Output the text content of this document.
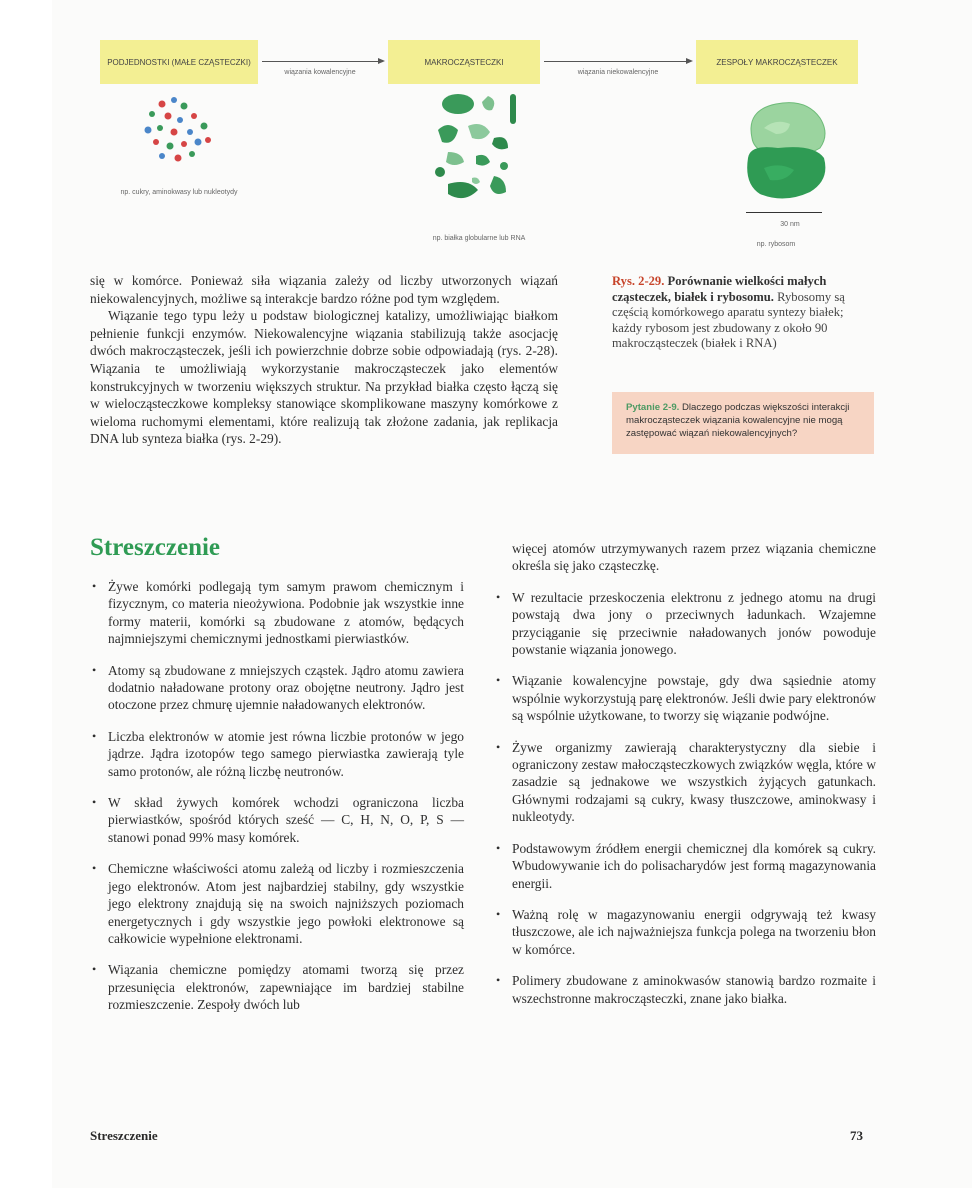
PODJEDNOSTKI (MAŁE CZĄSTECZKI)
wiązania kowalencyjne
MAKROCZĄSTECZKI
wiązania niekowalencyjne
ZESPOŁY MAKROCZĄSTECZEK
np. cukry, aminokwasy lub nukleotydy
np. białka globularne lub RNA
30 nm
np. rybosom

się w komórce. Ponieważ siła wiązania zależy od liczby utworzonych wiązań niekowalencyjnych, możliwe są interakcje bardzo różne pod tym względem.

Wiązanie tego typu leży u podstaw biologicznej katalizy, umożliwiając białkom pełnienie funkcji enzymów. Niekowalencyjne wiązania stabilizują także asocjację dwóch makrocząsteczek, jeśli ich powierzchnie dobrze sobie odpowiadają (rys. 2-28). Wiązania te umożliwiają wykorzystanie makrocząsteczek jako elementów konstrukcyjnych w tworzeniu większych struktur. Na przykład białka często łączą się w wielocząsteczkowe kompleksy stanowiące skomplikowane maszyny komórkowe z wieloma ruchomymi elementami, które realizują tak złożone zadania, jak replikacja DNA lub synteza białka (rys. 2-29).

Rys. 2-29. Porównanie wielkości małych cząsteczek, białek i rybosomu. Rybosomy są częścią komórkowego aparatu syntezy białek; każdy rybosom jest zbudowany z około 90 makrocząsteczek (białek i RNA)
Pytanie 2-9. Dlaczego podczas większości interakcji makrocząsteczek wiązania kowalencyjne nie mogą zastępować wiązań niekowalencyjnych?
Streszczenie
• Żywe komórki podlegają tym samym prawom chemicznym i fizycznym, co materia nieożywiona. Podobnie jak wszystkie inne formy materii, komórki są zbudowane z atomów, będących najmniejszymi chemicznymi jednostkami pierwiastków.
• Atomy są zbudowane z mniejszych cząstek. Jądro atomu zawiera dodatnio naładowane protony oraz obojętne neutrony. Jądro jest otoczone przez chmurę ujemnie naładowanych elektronów.
• Liczba elektronów w atomie jest równa liczbie protonów w jego jądrze. Jądra izotopów tego samego pierwiastka zawierają tyle samo protonów, ale różną liczbę neutronów.
• W skład żywych komórek wchodzi ograniczona liczba pierwiastków, spośród których sześć — C, H, N, O, P, S — stanowi ponad 99% masy komórek.
• Chemiczne właściwości atomu zależą od liczby i rozmieszczenia jego elektronów. Atom jest najbardziej stabilny, gdy wszystkie jego elektrony znajdują się na swoich najniższych poziomach energetycznych i gdy wszystkie jego powłoki elektronowe są całkowicie wypełnione elektronami.
• Wiązania chemiczne pomiędzy atomami tworzą się przez przesunięcia elektronów, zapewniające im bardziej stabilne rozmieszczenie. Zespoły dwóch lub
więcej atomów utrzymywanych razem przez wiązania chemiczne określa się jako cząsteczkę.
• W rezultacie przeskoczenia elektronu z jednego atomu na drugi powstają dwa jony o przeciwnych ładunkach. Wzajemne przyciąganie się przeciwnie naładowanych jonów powoduje powstanie wiązania jonowego.
• Wiązanie kowalencyjne powstaje, gdy dwa sąsiednie atomy wspólnie wykorzystują parę elektronów. Jeśli dwie pary elektronów są wspólnie użytkowane, to tworzy się wiązanie podwójne.
• Żywe organizmy zawierają charakterystyczny dla siebie i ograniczony zestaw małocząsteczkowych związków węgla, które w zasadzie są jednakowe we wszystkich żyjących gatunkach. Głównymi rodzajami są cukry, kwasy tłuszczowe, aminokwasy i nukleotydy.
• Podstawowym źródłem energii chemicznej dla komórek są cukry. Wbudowywanie ich do polisacharydów jest formą magazynowania energii.
• Ważną rolę w magazynowaniu energii odgrywają też kwasy tłuszczowe, ale ich najważniejsza funkcja polega na tworzeniu błon w komórce.
• Polimery zbudowane z aminokwasów stanowią bardzo rozmaite i wszechstronne makrocząsteczki, znane jako białka.
Streszczenie	73
